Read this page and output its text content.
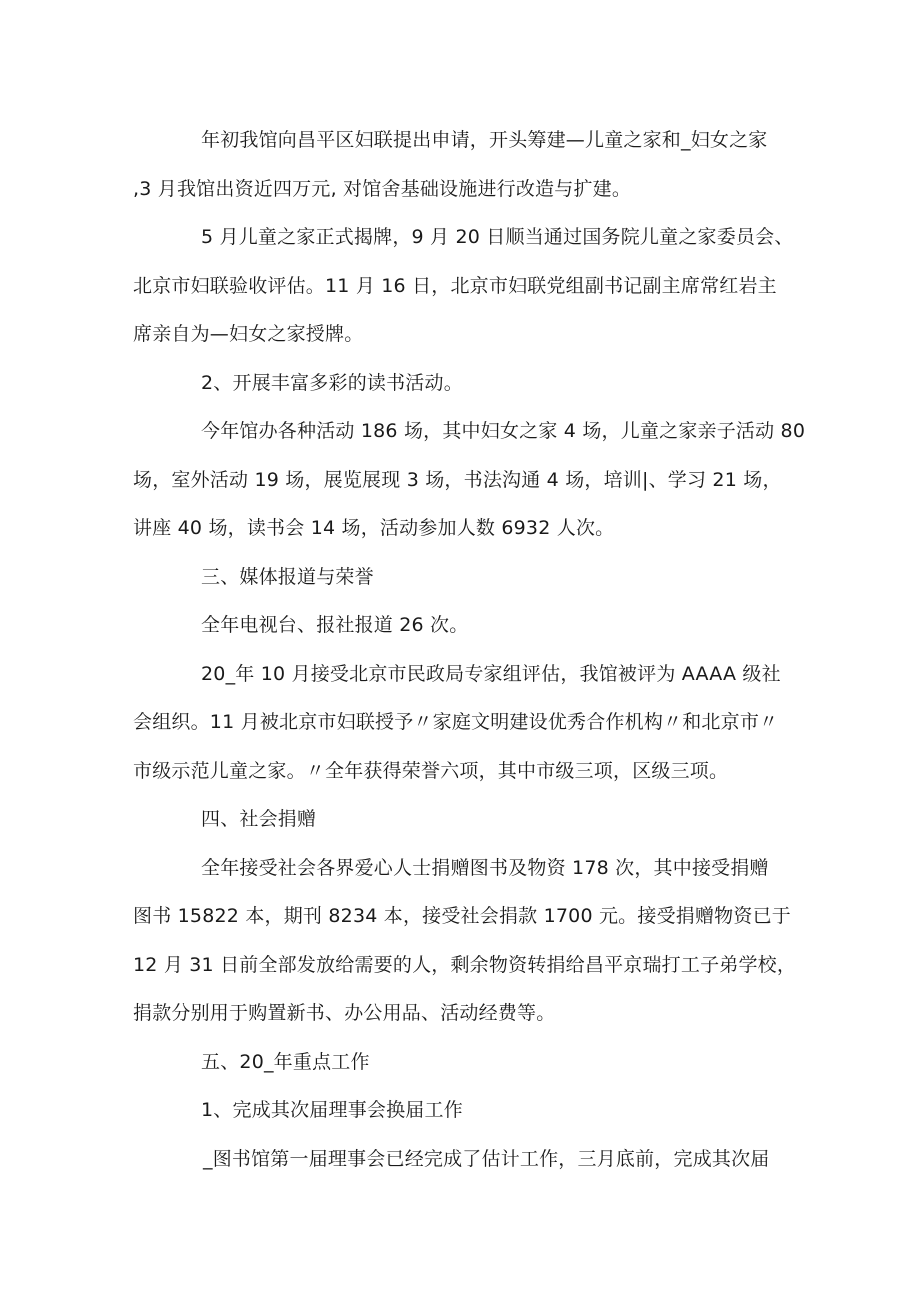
年初我馆向昌平区妇联提出申请，开头筹建—儿童之家和_妇女之家
,3 月我馆出资近四万元, 对馆舍基础设施进行改造与扩建。

5 月儿童之家正式揭牌，9 月 20 日顺当通过国务院儿童之家委员会、
北京市妇联验收评估。11 月 16 日，北京市妇联党组副书记副主席常红岩主
席亲自为—妇女之家授牌。

2、开展丰富多彩的读书活动。

今年馆办各种活动 186 场，其中妇女之家 4 场，儿童之家亲子活动 80
场，室外活动 19 场，展览展现 3 场，书法沟通 4 场，培训|、学习 21 场，
讲座 40 场，读书会 14 场，活动参加人数 6932 人次。

三、媒体报道与荣誉

全年电视台、报社报道 26 次。

20_年 10 月接受北京市民政局专家组评估，我馆被评为 AAAA 级社
会组织。11 月被北京市妇联授予〃家庭文明建设优秀合作机构〃和北京市〃
市级示范儿童之家。〃全年获得荣誉六项，其中市级三项，区级三项。

四、社会捐赠

全年接受社会各界爱心人士捐赠图书及物资 178 次，其中接受捐赠
图书 15822 本，期刊 8234 本，接受社会捐款 1700 元。接受捐赠物资已于
12 月 31 日前全部发放给需要的人，剩余物资转捐给昌平京瑞打工子弟学校，
捐款分别用于购置新书、办公用品、活动经费等。

五、20_年重点工作

1、完成其次届理事会换届工作

_图书馆第一届理事会已经完成了估计工作，三月底前，完成其次届
